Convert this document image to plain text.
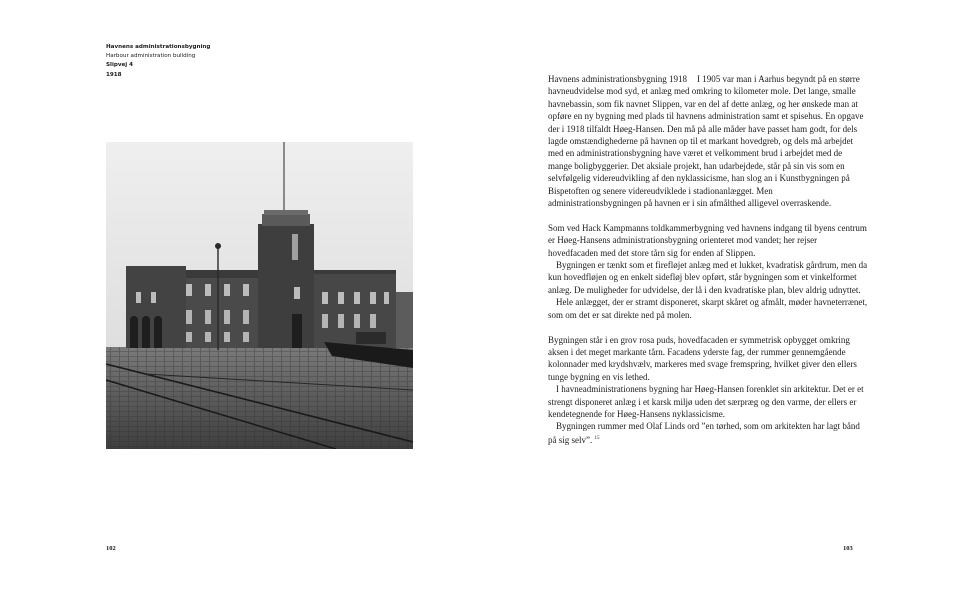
Havnens administrationsbygning
Harbour administration building
Slipvej 4
1918	Havnens administrationsbygning 1918 I 1905 var man i Aarhus begyndt på en større havneudvidelse mod syd, et anlæg med omkring to kilometer mole. Det lange, smalle havnebassin, som fik navnet Slippen, var en del af dette anlæg, og her ønskede man at opføre en ny bygning med plads til havnens administration samt et spisehus. En opgave der i 1918 tilfaldt Høeg-Hansen. Den må på alle måder have passet ham godt, for dels lagde omstændighederne på havnen op til et markant hovedgreb, og dels må arbejdet med en administrationsbygning have været et velkomment brud i arbejdet med de mange boligbyggerier. Det aksiale projekt, han udarbejdede, står på sin vis som en selvfølgelig videreudvikling af den nyklassicisme, han slog an i Kunstbygningen på Bispetoften og senere videreudviklede i stadionanlægget. Men administrationsbygningen på havnen er i sin afmålthed alligevel overraskende.

Som ved Hack Kampmanns toldkammerbygning ved havnens indgang til byens centrum er Høeg-Hansens administrationsbygning orienteret mod vandet; her rejser hovedfacaden med det store tårn sig for enden af Slippen.

Bygningen er tænkt som et firefløjet anlæg med et lukket, kvadratisk gårdrum, men da kun hovedfløjen og en enkelt sidefløj blev opført, står bygningen som et vinkelformet anlæg. De muligheder for udvidelse, der lå i den kvadratiske plan, blev aldrig udnyttet.

Hele anlægget, der er stramt disponeret, skarpt skåret og afmålt, møder havneterrænet, som om det er sat direkte ned på molen.

Bygningen står i en grov rosa puds, hovedfacaden er symmetrisk opbygget omkring aksen i det meget markante tårn. Facadens yderste fag, der rummer gennemgående kolonnader med krydshvælv, markeres med svage fremspring, hvilket giver den ellers tunge bygning en vis lethed.

I havneadministrationens bygning har Høeg-Hansen forenklet sin arkitektur. Det er et strengt disponeret anlæg i et karsk miljø uden det særpræg og den varme, der ellers er kendetegnende for Høeg-Hansens nyklassicisme.

Bygningen rummer med Olaf Linds ord ”en tørhed, som om arkitekten har lagt bånd på sig selv”. $^{15}$

102	103
